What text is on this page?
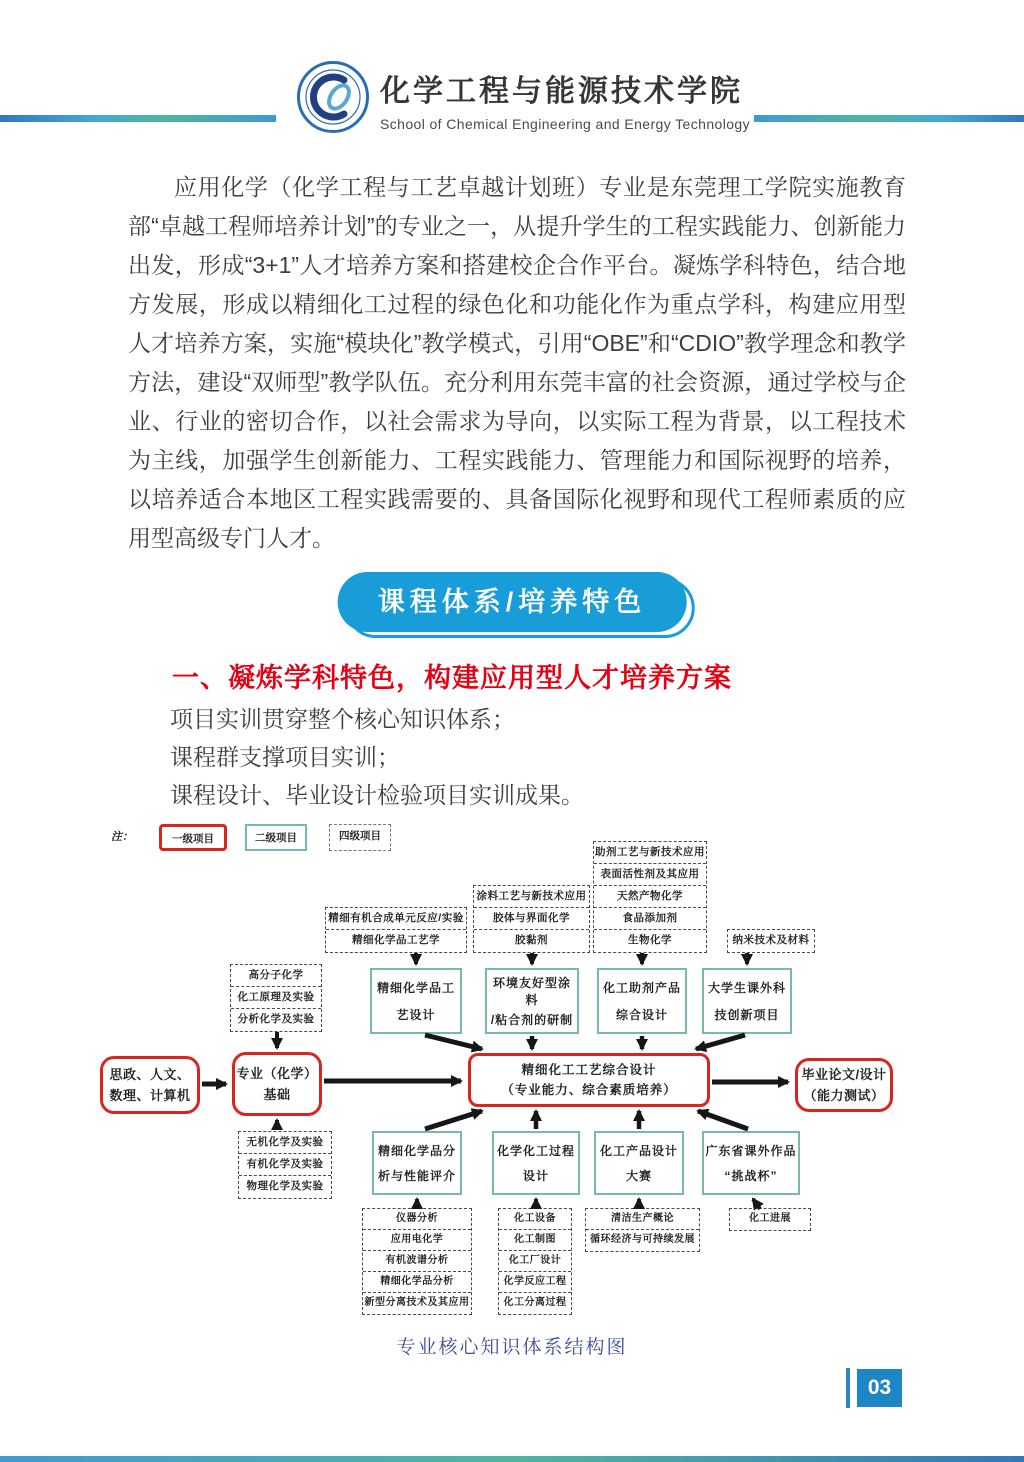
化学工程与能源技术学院
School of Chemical Engineering and Energy Technology
应用化学（化学工程与工艺卓越计划班）专业是东莞理工学院实施教育部“卓越工程师培养计划”的专业之一，从提升学生的工程实践能力、创新能力出发，形成“3+1”人才培养方案和搭建校企合作平台。凝炼学科特色，结合地方发展，形成以精细化工过程的绿色化和功能化作为重点学科，构建应用型人才培养方案，实施“模块化”教学模式，引用“OBE”和“CDIO”教学理念和教学方法，建设“双师型”教学队伍。充分利用东莞丰富的社会资源，通过学校与企业、行业的密切合作，以社会需求为导向，以实际工程为背景，以工程技术为主线，加强学生创新能力、工程实践能力、管理能力和国际视野的培养，以培养适合本地区工程实践需要的、具备国际化视野和现代工程师素质的应用型高级专门人才。
课程体系/培养特色
一、凝炼学科特色，构建应用型人才培养方案
项目实训贯穿整个核心知识体系；
课程群支撑项目实训；
课程设计、毕业设计检验项目实训成果。
注：	一级项目	二级项目	四级项目
精细有机合成单元反应/实验
精细化学品工艺学
涂料工艺与新技术应用
胶体与界面化学
胶黏剂
助剂工艺与新技术应用
表面活性剂及其应用
天然产物化学
食品添加剂
生物化学	纳米技术及材料
精细化学品工
艺设计
环境友好型涂料
/粘合剂的研制
化工助剂产品
综合设计
大学生课外科
技创新项目
高分子化学
化工原理及实验
分析化学及实验
无机化学及实验
有机化学及实验
物理化学及实验
思政、人文、
数理、计算机
专业（化学）
基础
精细化工工艺综合设计
（专业能力、综合素质培养）
毕业论文/设计
（能力测试）
精细化学品分
析与性能评介
化学化工过程
设计
化工产品设计
大赛
广东省课外作品
“挑战杯”
仪器分析
应用电化学
有机波谱分析
精细化学品分析
新型分离技术及其应用
化工设备
化工制图
化工厂设计
化学反应工程
化工分离过程
清洁生产概论
循环经济与可持续发展
化工进展
专业核心知识体系结构图
03
